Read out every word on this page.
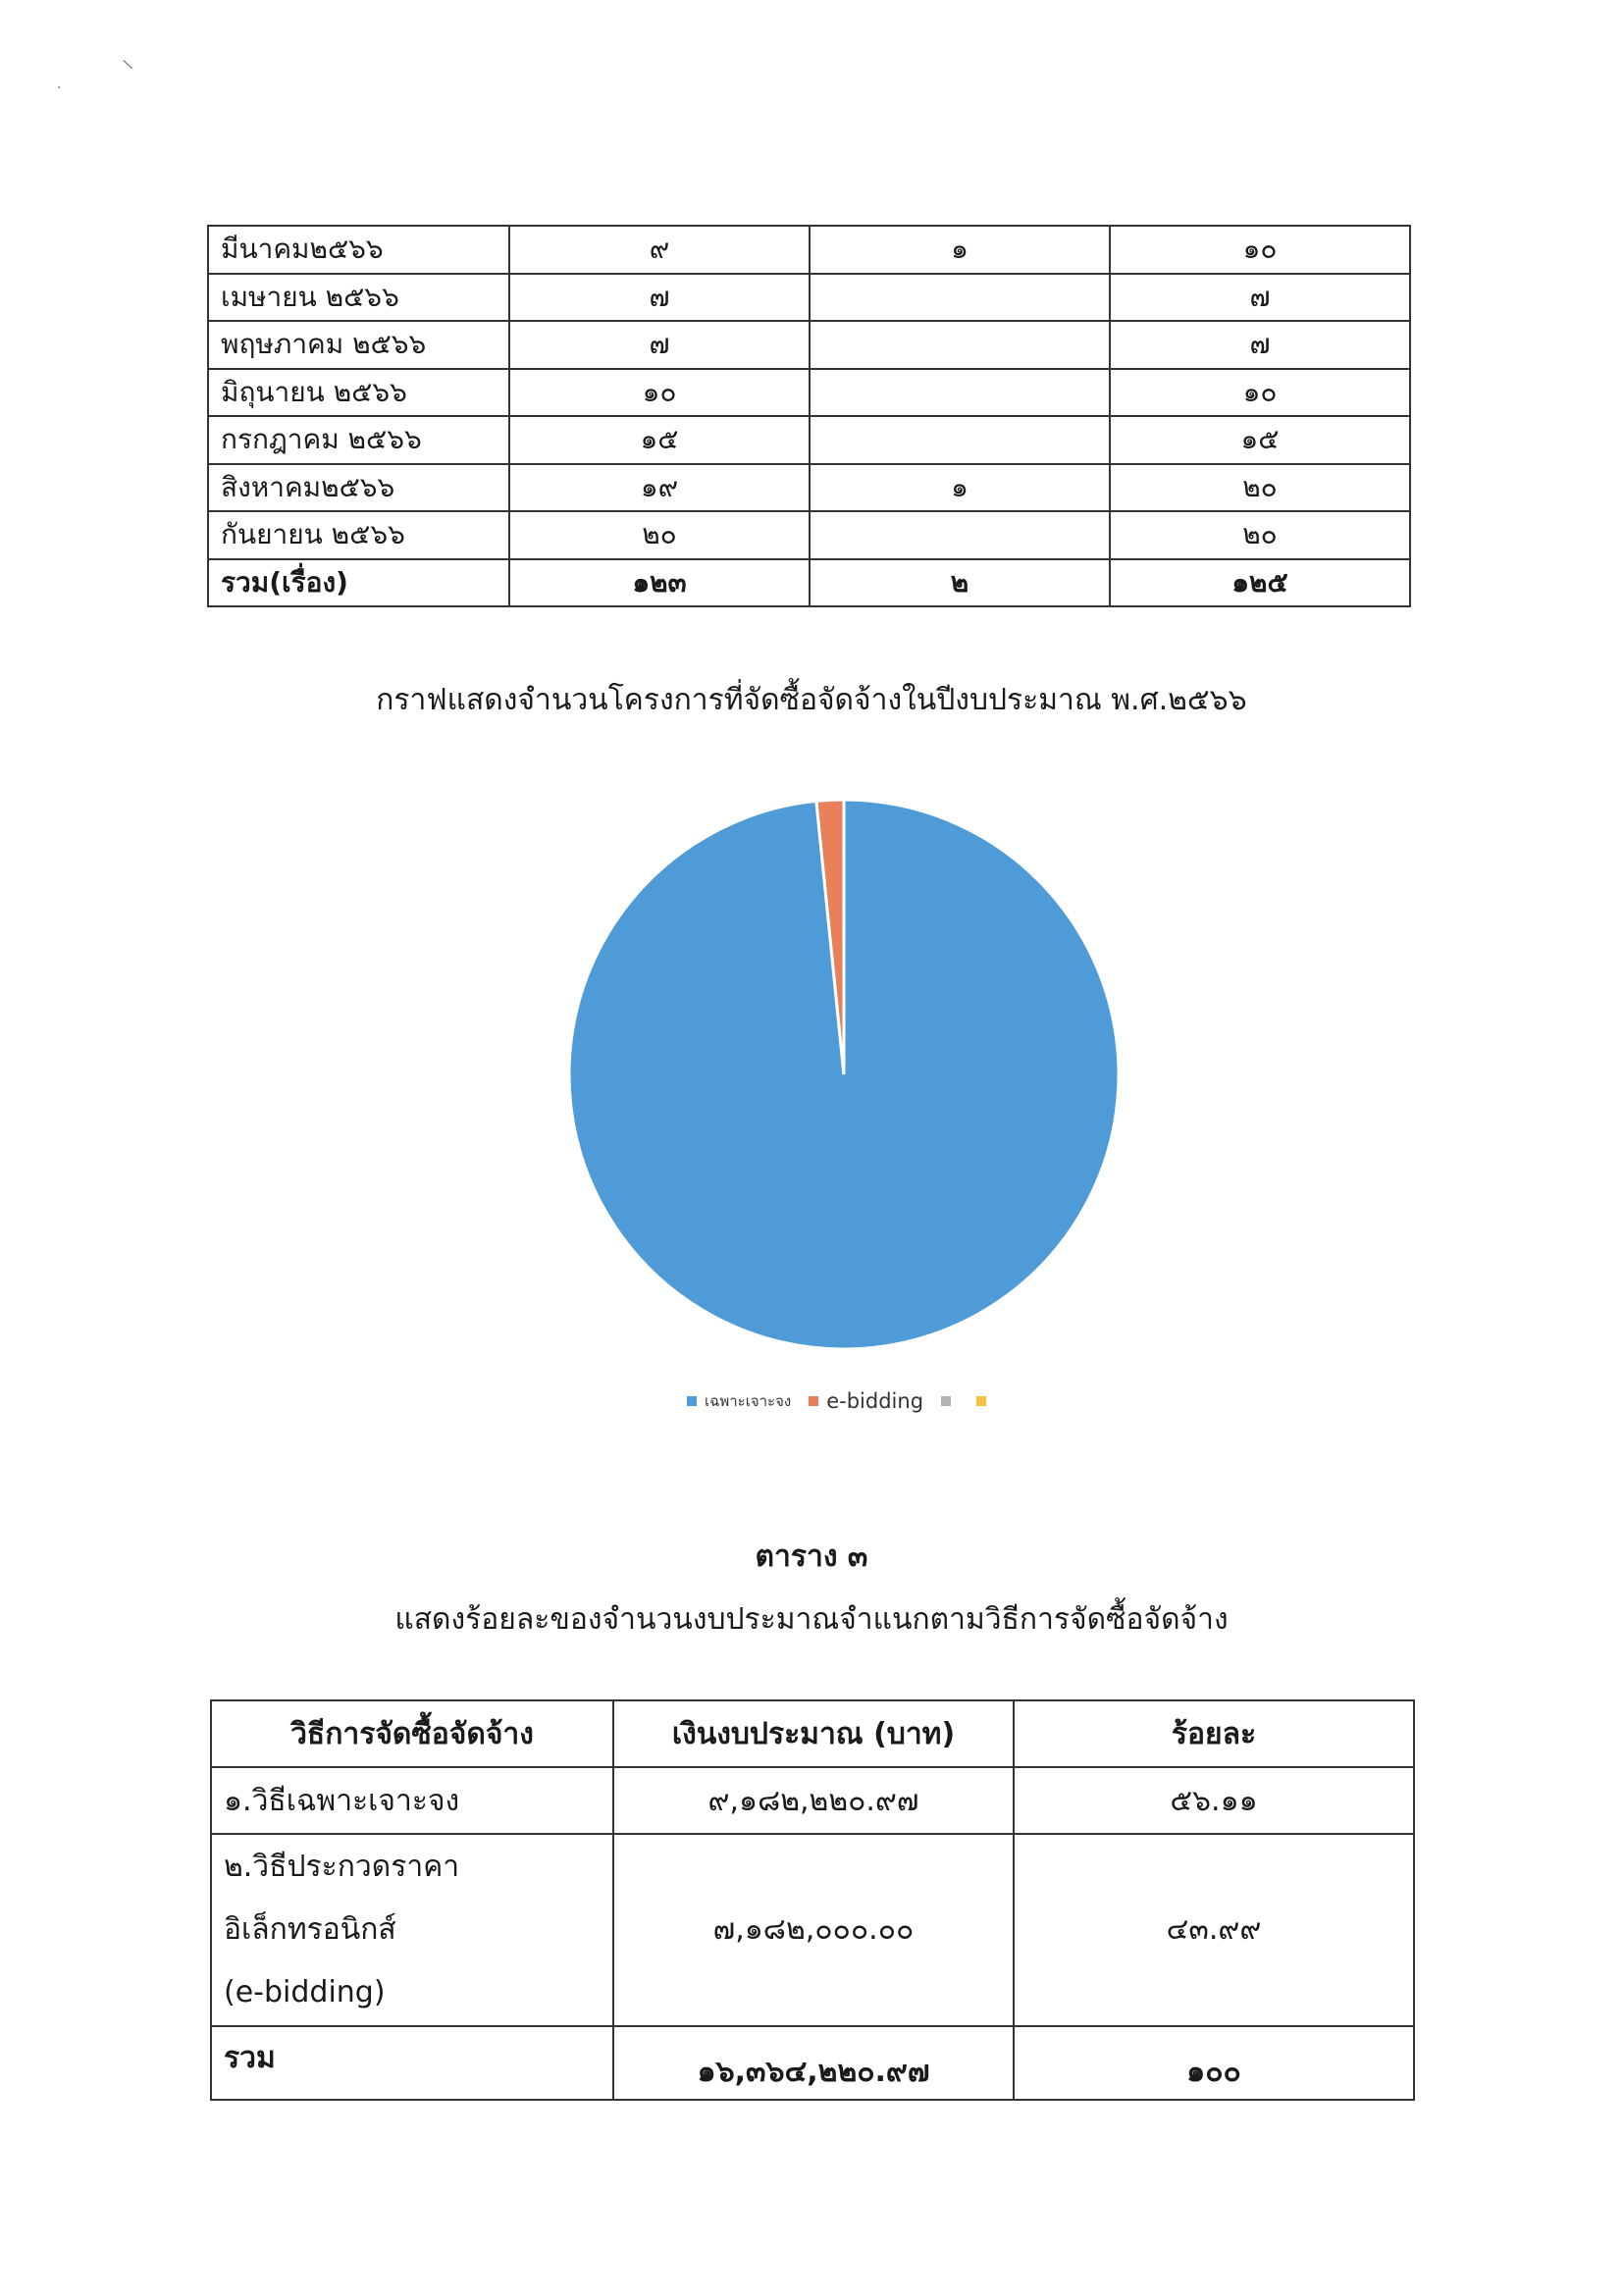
·
\
มีนาคม๒๕๖๖	๙	๑	๑๐
เมษายน ๒๕๖๖	๗		๗
พฤษภาคม ๒๕๖๖	๗		๗
มิถุนายน ๒๕๖๖	๑๐		๑๐
กรกฎาคม ๒๕๖๖	๑๕		๑๕
สิงหาคม๒๕๖๖	๑๙	๑	๒๐
กันยายน ๒๕๖๖	๒๐		๒๐
รวม(เรื่อง)	๑๒๓	๒	๑๒๕
กราฟแสดงจำนวนโครงการที่จัดซื้อจัดจ้างในปีงบประมาณ พ.ศ.๒๕๖๖
เฉพาะเจาะจง e-bidding
ตาราง ๓
แสดงร้อยละของจำนวนงบประมาณจำแนกตามวิธีการจัดซื้อจัดจ้าง
วิธีการจัดซื้อจัดจ้าง	เงินงบประมาณ (บาท)	ร้อยละ
๑.วิธีเฉพาะเจาะจง	๙,๑๘๒,๒๒๐.๙๗	๕๖.๑๑

๒.วิธีประกวดราคาอิเล็กทรอนิกส์
(e-bidding)	๗,๑๘๒,๐๐๐.๐๐	๔๓.๙๙
รวม	๑๖,๓๖๔,๒๒๐.๙๗	๑๐๐
